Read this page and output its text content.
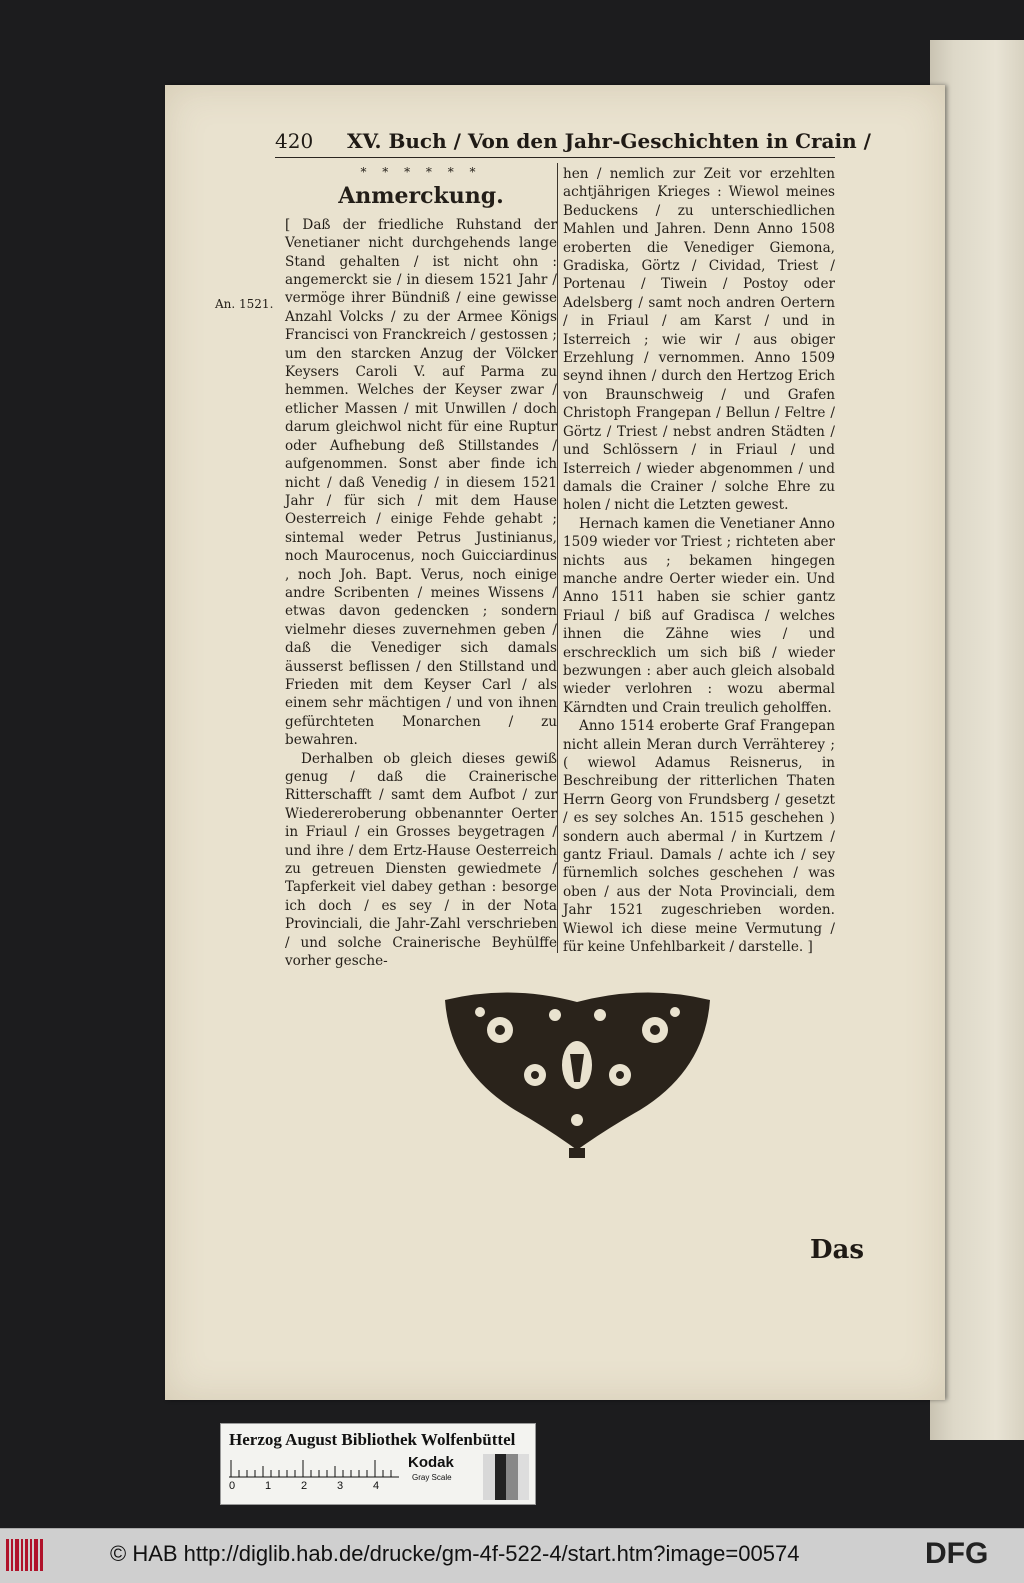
420 XV. Buch / Von den Jahr-Geschichten in Crain /
An. 1521.
* * * * * *
Anmerckung.

[ Daß der friedliche Ruhstand der Venetianer nicht durchgehends lange Stand gehalten / ist nicht ohn : angemerckt sie / in diesem 1521 Jahr / vermöge ihrer Bündniß / eine gewisse Anzahl Volcks / zu der Armee Königs Francisci von Franckreich / gestossen ; um den starcken Anzug der Völcker Keysers Caroli V. auf Parma zu hemmen. Welches der Keyser zwar / etlicher Massen / mit Unwillen / doch darum gleichwol nicht für eine Ruptur oder Aufhebung deß Stillstandes / aufgenommen. Sonst aber finde ich nicht / daß Venedig / in diesem 1521 Jahr / für sich / mit dem Hause Oesterreich / einige Fehde gehabt ; sintemal weder Petrus Justinianus, noch Maurocenus, noch Guicciardinus , noch Joh. Bapt. Verus, noch einige andre Scribenten / meines Wissens / etwas davon gedencken ; sondern vielmehr dieses zuvernehmen geben / daß die Venediger sich damals äusserst beflissen / den Stillstand und Frieden mit dem Keyser Carl / als einem sehr mächtigen / und von ihnen gefürchteten Monarchen / zu bewahren.

Derhalben ob gleich dieses gewiß genug / daß die Crainerische Ritterschafft / samt dem Aufbot / zur Wiedereroberung obbenannter Oerter in Friaul / ein Grosses beygetragen / und ihre / dem Ertz-Hause Oesterreich zu getreuen Diensten gewiedmete / Tapferkeit viel dabey gethan : besorge ich doch / es sey / in der Nota Provinciali, die Jahr-Zahl verschrieben / und solche Crainerische Beyhülffe vorher gesche-

hen / nemlich zur Zeit vor erzehlten achtjährigen Krieges : Wiewol meines Beduckens / zu unterschiedlichen Mahlen und Jahren. Denn Anno 1508 eroberten die Venediger Giemona, Gradiska, Görtz / Cividad, Triest / Portenau / Tiwein / Postoy oder Adelsberg / samt noch andren Oertern / in Friaul / am Karst / und in Isterreich ; wie wir / aus obiger Erzehlung / vernommen. Anno 1509 seynd ihnen / durch den Hertzog Erich von Braunschweig / und Grafen Christoph Frangepan / Bellun / Feltre / Görtz / Triest / nebst andren Städten / und Schlössern / in Friaul / und Isterreich / wieder abgenommen / und damals die Crainer / solche Ehre zu holen / nicht die Letzten gewest.

Hernach kamen die Venetianer Anno 1509 wieder vor Triest ; richteten aber nichts aus ; bekamen hingegen manche andre Oerter wieder ein. Und Anno 1511 haben sie schier gantz Friaul / biß auf Gradisca / welches ihnen die Zähne wies / und erschrecklich um sich biß / wieder bezwungen : aber auch gleich alsobald wieder verlohren : wozu abermal Kärndten und Crain treulich geholffen.

Anno 1514 eroberte Graf Frangepan nicht allein Meran durch Verrähterey ; ( wiewol Adamus Reisnerus, in Beschreibung der ritterlichen Thaten Herrn Georg von Frundsberg / gesetzt / es sey solches An. 1515 geschehen ) sondern auch abermal / in Kurtzem / gantz Friaul. Damals / achte ich / sey fürnemlich solches geschehen / was oben / aus der Nota Provinciali, dem Jahr 1521 zugeschrieben worden. Wiewol ich diese meine Vermutung / für keine Unfehlbarkeit / darstelle. ]

Das
Herzog August Bibliothek Wolfenbüttel
0	1	2	3	4
Kodak
Gray Scale
© HAB http://diglib.hab.de/drucke/gm-4f-522-4/start.htm?image=00574	DFG
